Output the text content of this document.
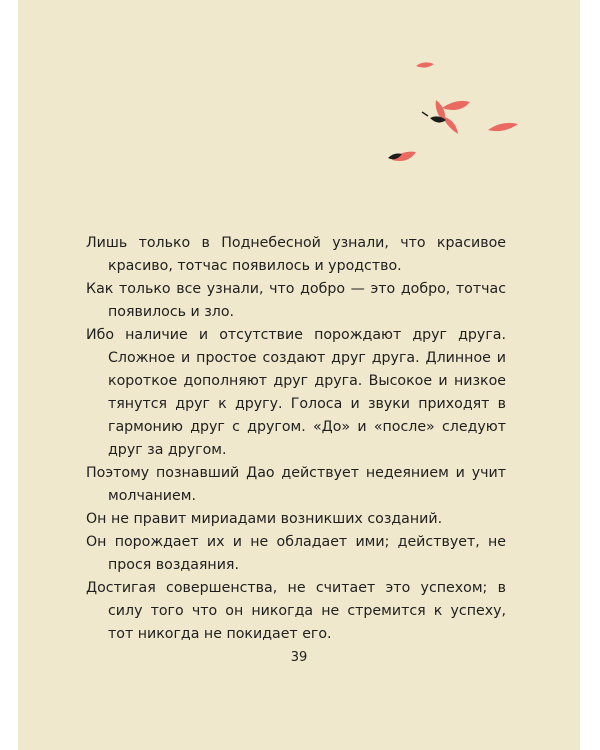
Лишь только в Поднебесной узнали, что красивое красиво, тотчас появилось и уродство.
Как только все узнали, что добро — это добро, тотчас появилось и зло.
Ибо наличие и отсутствие порождают друг друга. Сложное и простое создают друг друга. Длинное и короткое дополняют друг друга. Высокое и низкое тянутся друг к другу. Голоса и звуки приходят в гармонию друг с другом. «До» и «после» следуют друг за другом.
Поэтому познавший Дао действует недеянием и учит молчанием.
Он не правит мириадами возникших созданий.
Он порождает их и не обладает ими; действует, не прося воздаяния.
Достигая совершенства, не считает это успехом; в силу того что он никогда не стремится к успеху, тот никогда не покидает его.
39
